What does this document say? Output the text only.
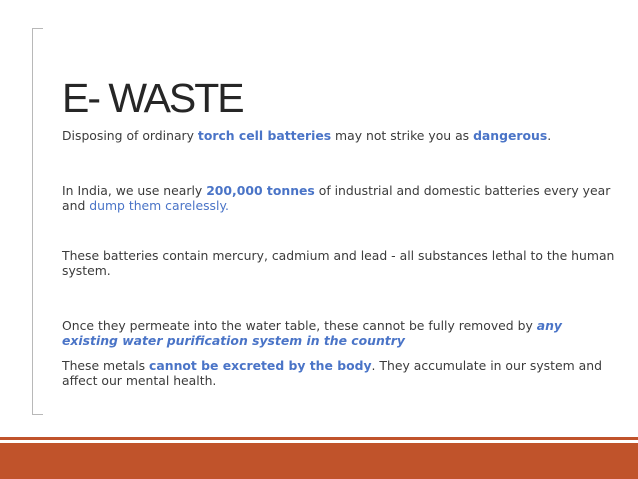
E- WASTE

Disposing of ordinary torch cell batteries may not strike you as dangerous.

In India, we use nearly 200,000 tonnes of industrial and domestic batteries every year and dump them carelessly.

These batteries contain mercury, cadmium and lead - all substances lethal to the human system.

Once they permeate into the water table, these cannot be fully removed by any existing water purification system in the country

These metals cannot be excreted by the body. They accumulate in our system and affect our mental health.
